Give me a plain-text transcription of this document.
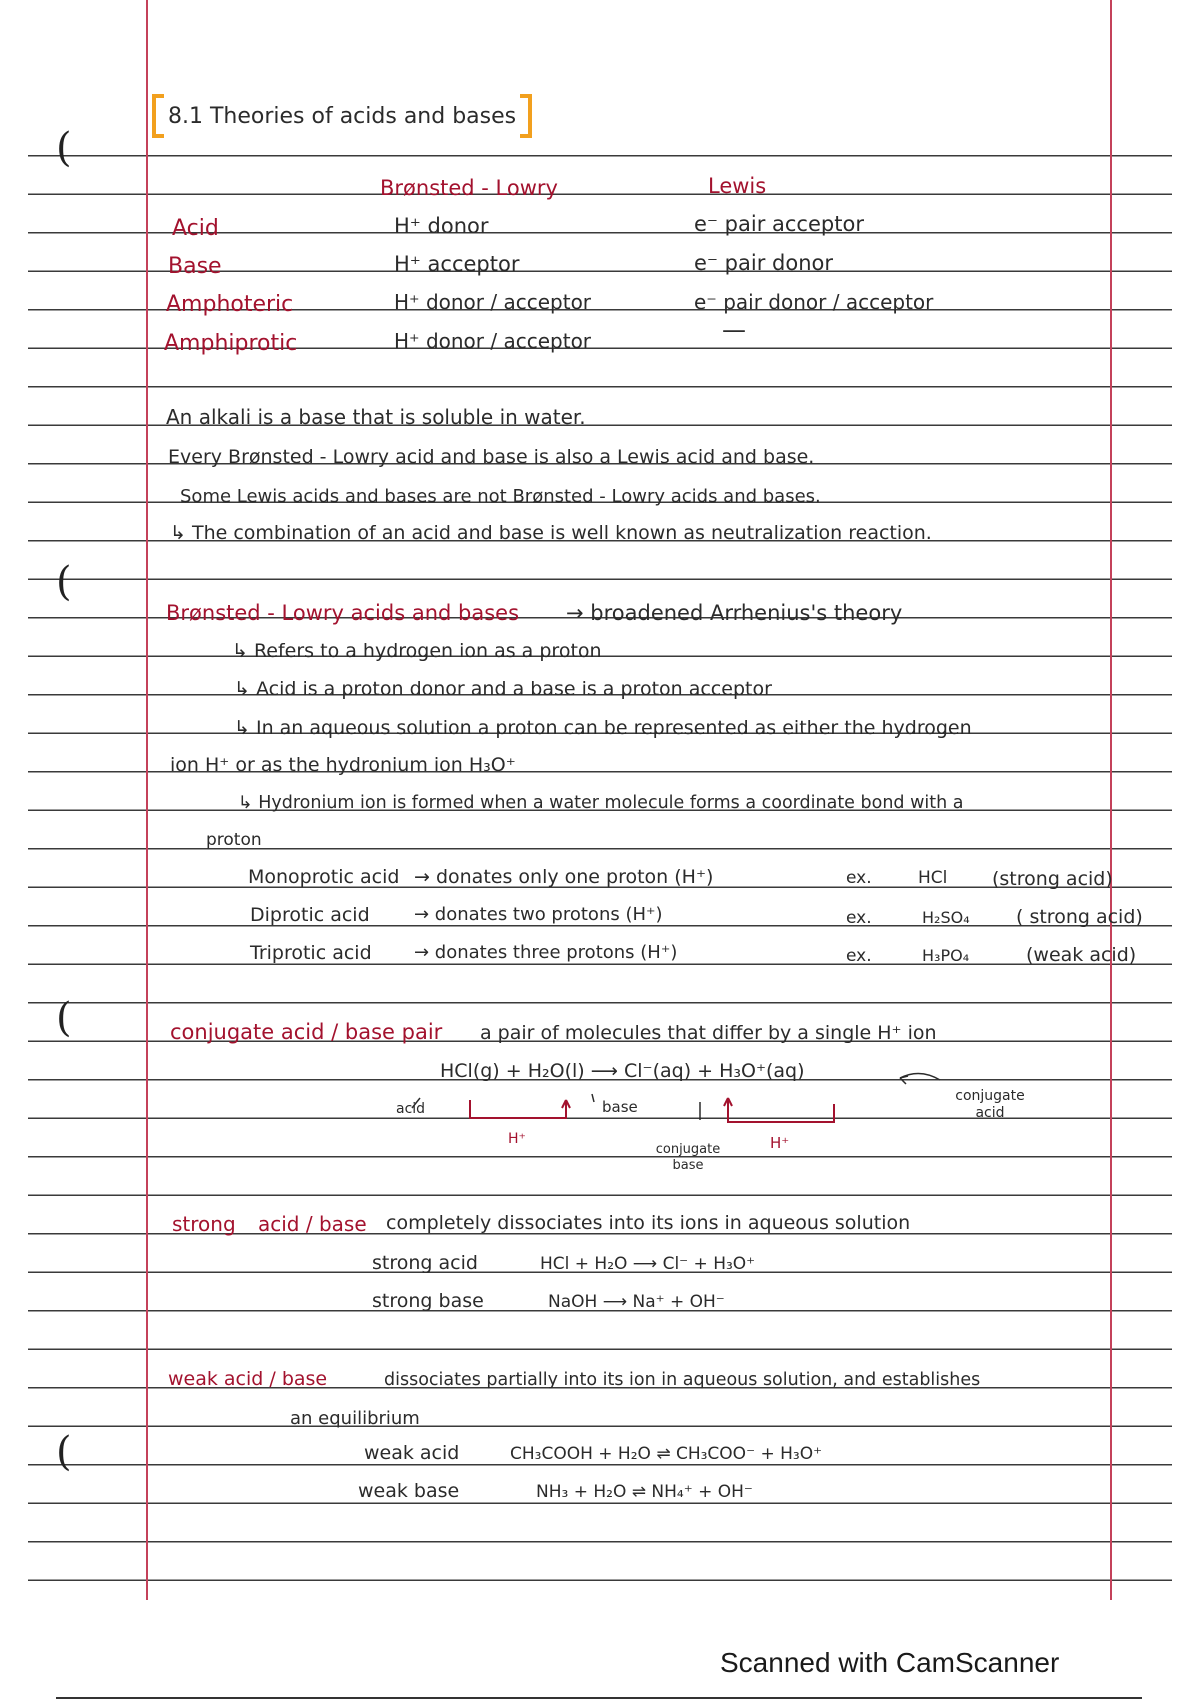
(
(
(
(
8.1 Theories of acids and bases
Brønsted - Lowry	Lewis
Acid	H⁺ donor	e⁻ pair acceptor
Base	H⁺ acceptor	e⁻ pair donor
Amphoteric	H⁺ donor / acceptor	e⁻ pair donor / acceptor
Amphiprotic	H⁺ donor / acceptor	—
An alkali is a base that is soluble in water.
Every Brønsted - Lowry acid and base is also a Lewis acid and base.
Some Lewis acids and bases are not Brønsted - Lowry acids and bases.
↳ The combination of an acid and base is well known as neutralization reaction.
Brønsted - Lowry acids and bases → broadened Arrhenius's theory
↳ Refers to a hydrogen ion as a proton
↳ Acid is a proton donor and a base is a proton acceptor
↳ In an aqueous solution a proton can be represented as either the hydrogen
ion H⁺ or as the hydronium ion H₃O⁺
↳ Hydronium ion is formed when a water molecule forms a coordinate bond with a
proton
Monoprotic acid → donates only one proton (H⁺)	ex.	HCl (strong acid)
Diprotic acid → donates two protons (H⁺)	ex.	H₂SO₄ ( strong acid)
Triprotic acid → donates three protons (H⁺)	ex.	H₃PO₄	(weak acid)
conjugate acid / base pair a pair of molecules that differ by a single H⁺ ion
HCl(g) + H₂O(l) ⟶ Cl⁻(aq) + H₃O⁺(aq)
acid	base
conjugate base
conjugate acid
H⁺	H⁺
strong acid / base completely dissociates into its ions in aqueous solution
strong acid	HCl + H₂O ⟶ Cl⁻ + H₃O⁺
strong base	NaOH ⟶ Na⁺ + OH⁻
weak acid / base	dissociates partially into its ion in aqueous solution, and establishes
an equilibrium
weak acid	CH₃COOH + H₂O ⇌ CH₃COO⁻ + H₃O⁺
weak base	NH₃ + H₂O ⇌ NH₄⁺ + OH⁻
Scanned with CamScanner
